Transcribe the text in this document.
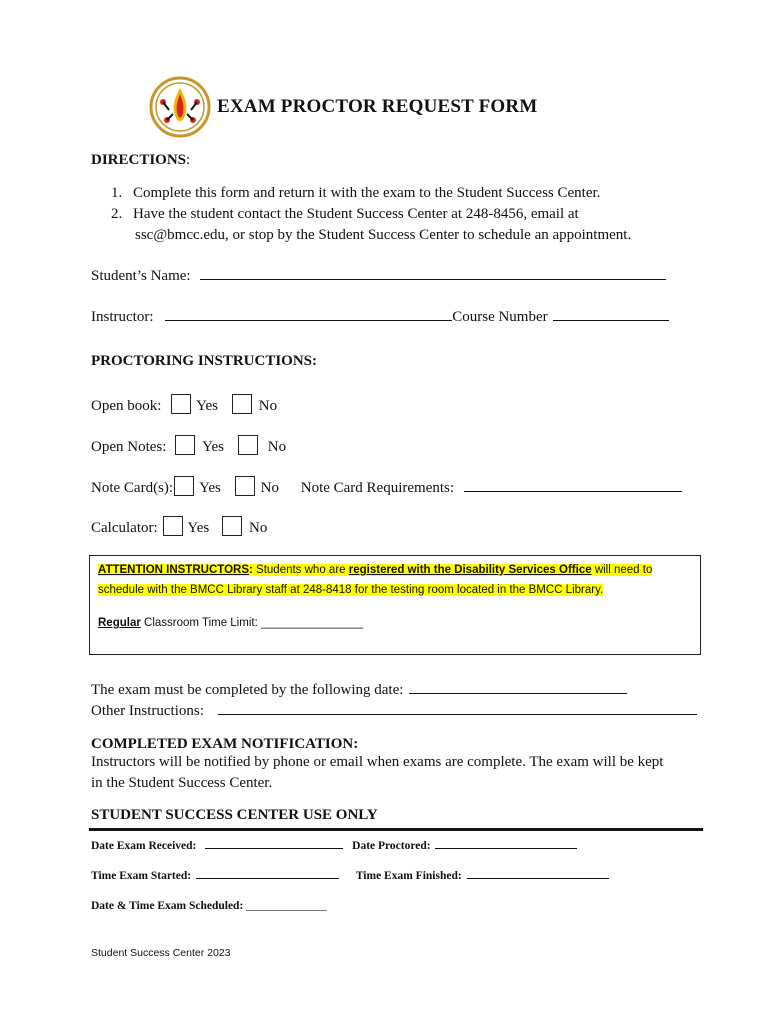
EXAM PROCTOR REQUEST FORM
DIRECTIONS:
1. Complete this form and return it with the exam to the Student Success Center.
2. Have the student contact the Student Success Center at 248-8456, email at
ssc@bmcc.edu, or stop by the Student Success Center to schedule an appointment.
Student’s Name:
Instructor:	Course Number
PROCTORING INSTRUCTIONS:
Open book: Yes	No
Open Notes: Yes	No
Note Card(s): Yes	No Note Card Requirements:
Calculator: Yes	No
ATTENTION INSTRUCTORS: Students who are registered with the Disability Services Office will need to
schedule with the BMCC Library staff at 248-8418 for the testing room located in the BMCC Library.
Regular Classroom Time Limit: ________________
The exam must be completed by the following date:
Other Instructions:
COMPLETED EXAM NOTIFICATION:
Instructors will be notified by phone or email when exams are complete. The exam will be kept
in the Student Success Center.
STUDENT SUCCESS CENTER USE ONLY
Date Exam Received:	Date Proctored:
Time Exam Started:	Time Exam Finished:
Date & Time Exam Scheduled: ______________
Student Success Center 2023
